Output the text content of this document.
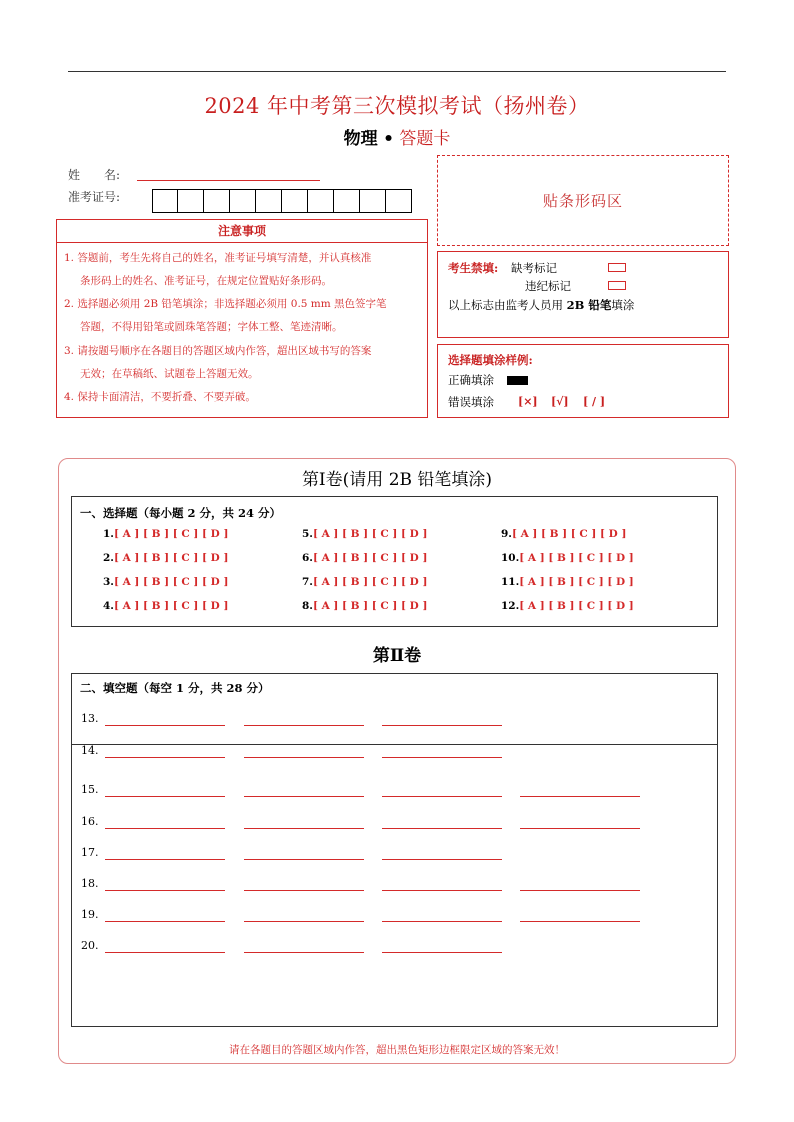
2024 年中考第三次模拟考试（扬州卷）
物理 • 答题卡
姓　　名:
准考证号:	贴条形码区
注意事项
1. 答题前，考生先将自己的姓名，准考证号填写清楚，并认真核准
条形码上的姓名、准考证号，在规定位置贴好条形码。
2. 选择题必须用 2B 铅笔填涂；非选择题必须用 0.5 mm 黑色签字笔
答题，不得用铅笔或圆珠笔答题；字体工整、笔迹清晰。
3. 请按题号顺序在各题目的答题区域内作答，超出区域书写的答案
无效；在草稿纸、试题卷上答题无效。
4. 保持卡面清洁，不要折叠、不要弄破。
考生禁填: 缺考标记
违纪标记
以上标志由监考人员用 2B 铅笔填涂
选择题填涂样例:
正确填涂
错误填涂 [×] [√] [ / ]
第Ⅰ卷(请用 2B 铅笔填涂)
一、选择题（每小题 2 分，共 24 分）
1.[ A ] [ B ] [ C ] [ D ]
2.[ A ] [ B ] [ C ] [ D ]
3.[ A ] [ B ] [ C ] [ D ]
4.[ A ] [ B ] [ C ] [ D ]
5.[ A ] [ B ] [ C ] [ D ]
6.[ A ] [ B ] [ C ] [ D ]
7.[ A ] [ B ] [ C ] [ D ]
8.[ A ] [ B ] [ C ] [ D ]
9.[ A ] [ B ] [ C ] [ D ]
10.[ A ] [ B ] [ C ] [ D ]
11.[ A ] [ B ] [ C ] [ D ]
12.[ A ] [ B ] [ C ] [ D ]
第Ⅱ卷
二、填空题（每空 1 分，共 28 分）
13.
14.
15.
16.
17.
18.
19.
20.
请在各题目的答题区域内作答，超出黑色矩形边框限定区域的答案无效！
